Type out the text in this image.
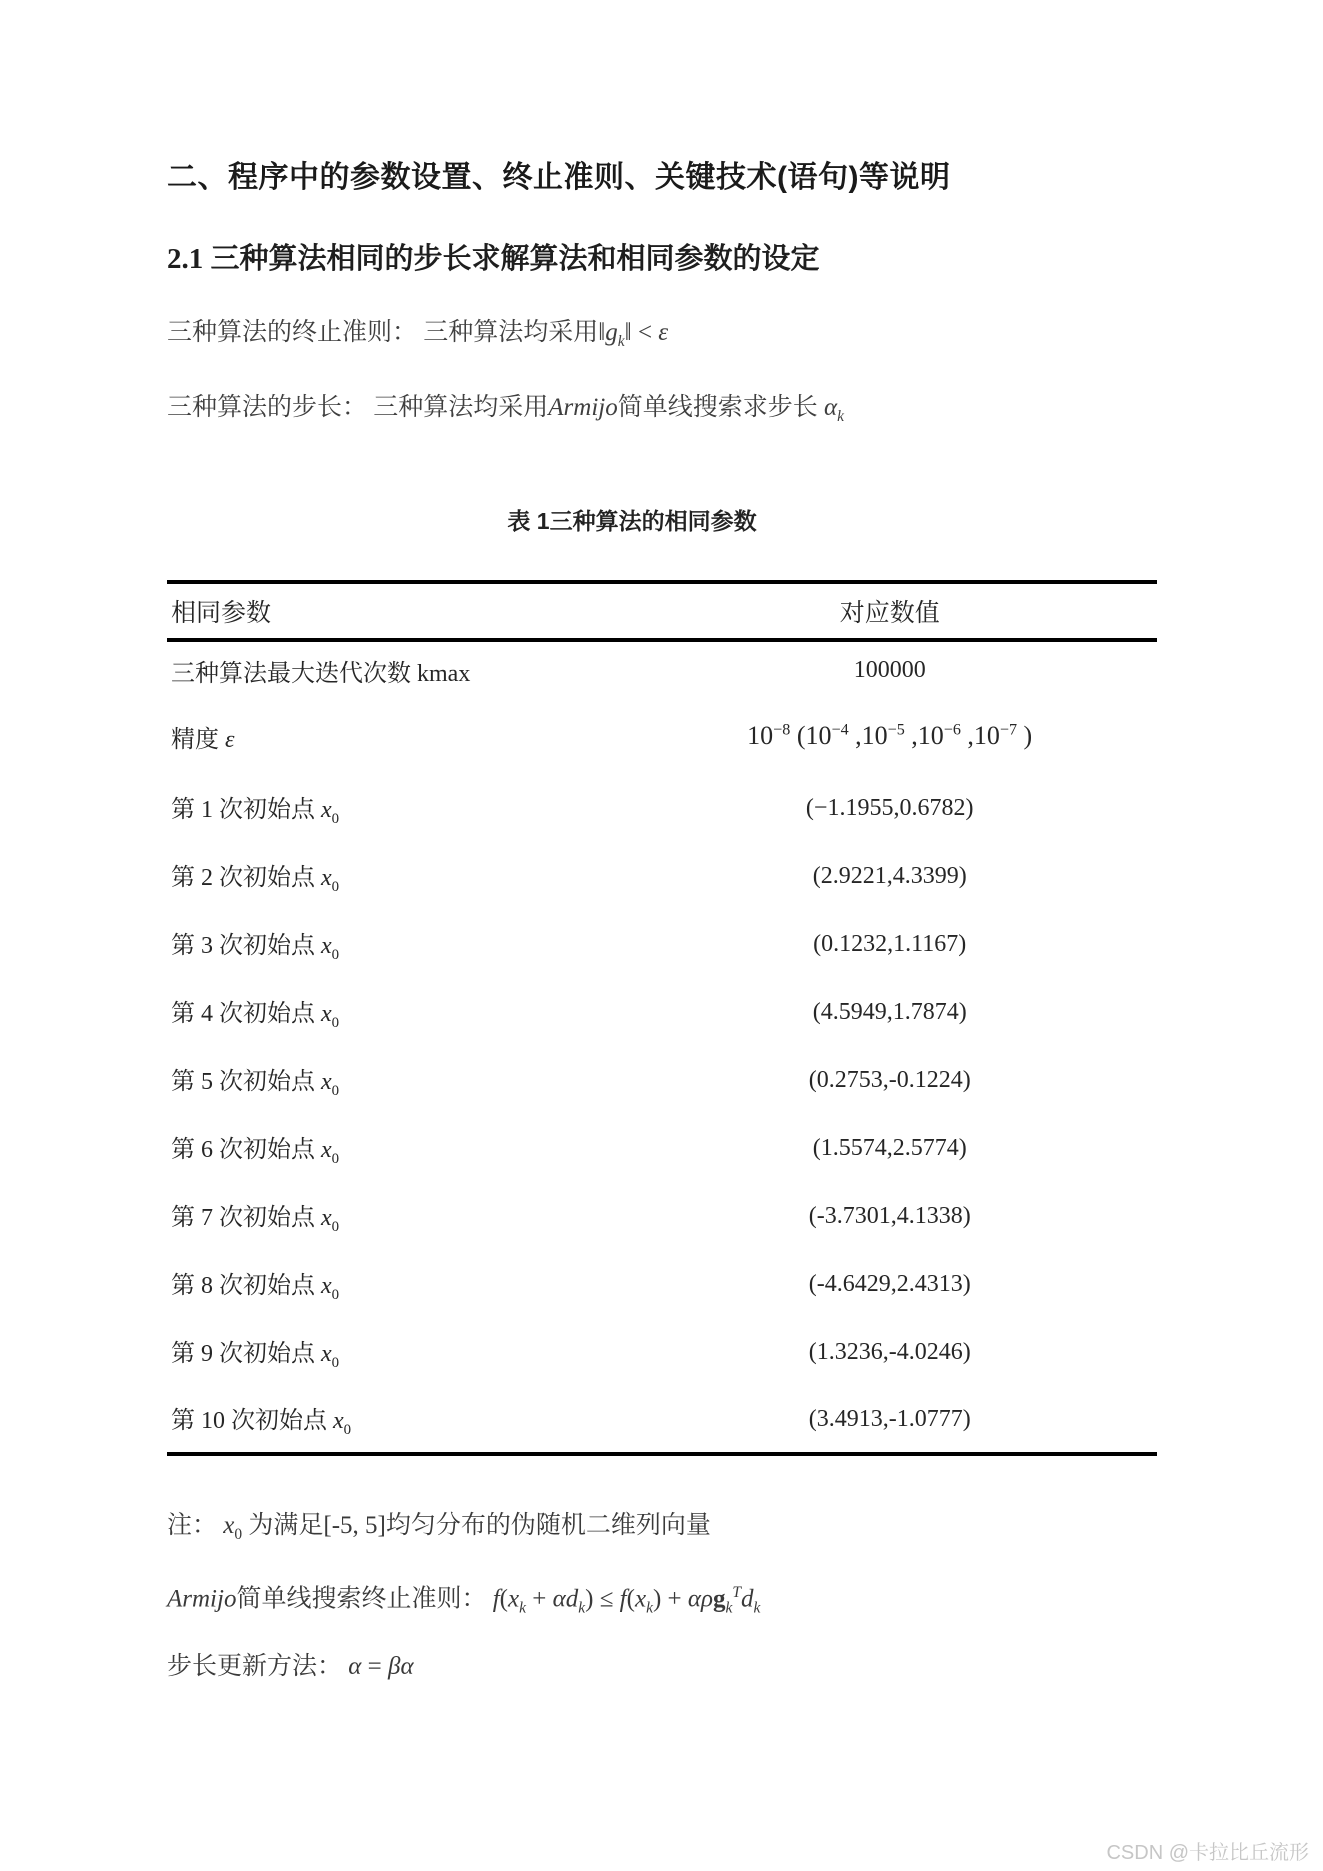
二、程序中的参数设置、终止准则、关键技术(语句)等说明
2.1 三种算法相同的步长求解算法和相同参数的设定

三种算法的终止准则： 三种算法均采用$‖g_k‖ < \varepsilon$

三种算法的步长： 三种算法均采用Armijo简单线搜索求步长 $\alpha_k$

表 1三种算法的相同参数
相同参数	对应数值
三种算法最大迭代次数 kmax	100000
精度 ε	$10^{-8}$ ($10^{-4}$ $,10^{-5}$ $,10^{-6}$ $,10^{-7}$ )
第 1 次初始点 $x_0$	(−1.1955,0.6782)
第 2 次初始点 $x_0$	(2.9221,4.3399)
第 3 次初始点 $x_0$	(0.1232,1.1167)
第 4 次初始点 $x_0$	(4.5949,1.7874)
第 5 次初始点 $x_0$	(0.2753,-0.1224)
第 6 次初始点 $x_0$	(1.5574,2.5774)
第 7 次初始点 $x_0$	(-3.7301,4.1338)
第 8 次初始点 $x_0$	(-4.6429,2.4313)
第 9 次初始点 $x_0$	(1.3236,-4.0246)
第 10 次初始点 $x_0$	(3.4913,-1.0777)

注： $x_0$ 为满足[-5, 5]均匀分布的伪随机二维列向量

Armijo简单线搜索终止准则： $f(x_k + \alpha d_k) \le f(x_k) + \alpha\rho g_k^Td_k$

步长更新方法： α = βα

CSDN @卡拉比丘流形
